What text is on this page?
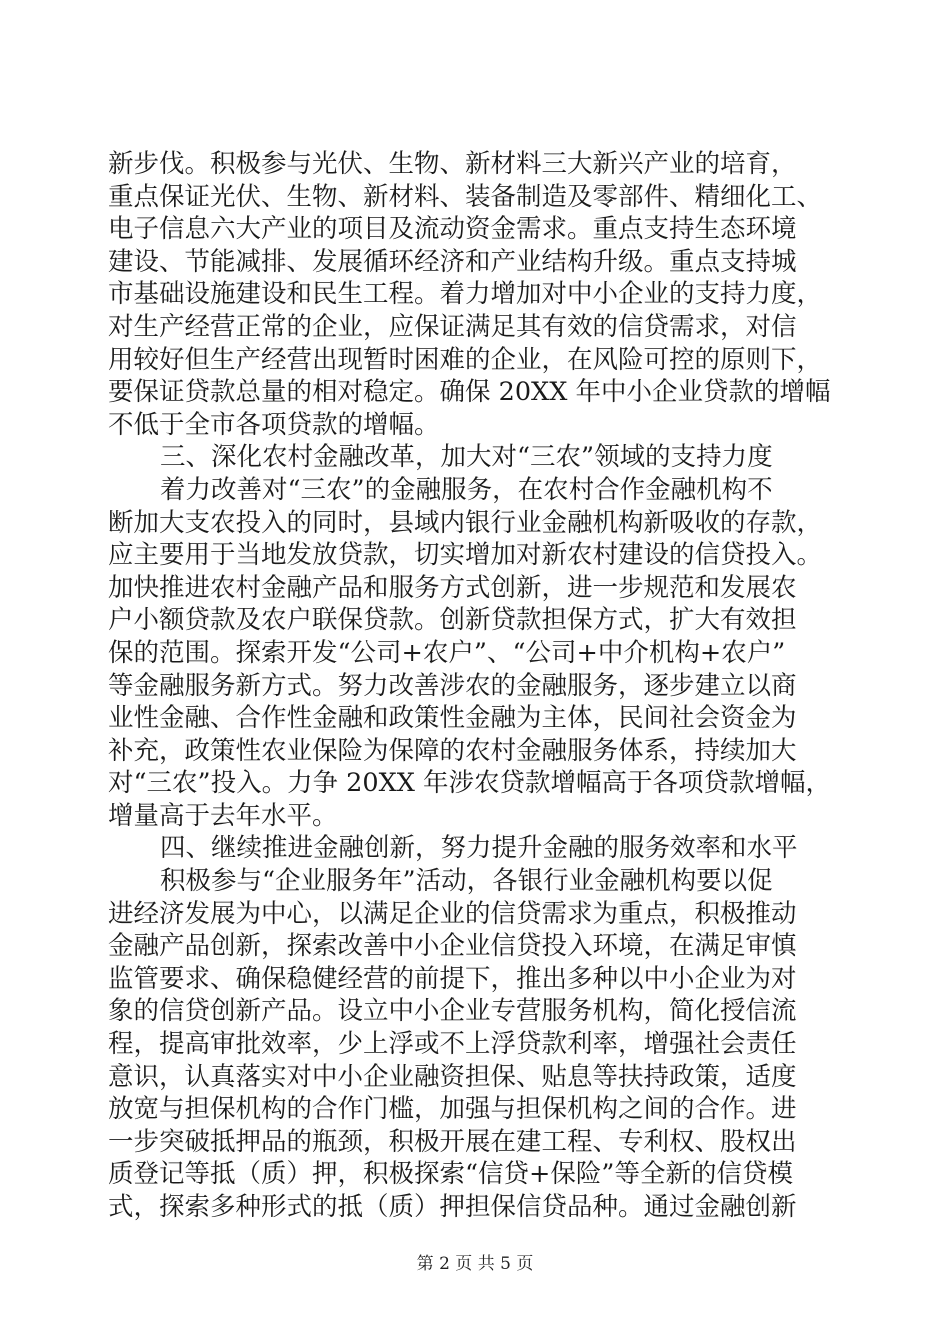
新步伐。积极参与光伏、生物、新材料三大新兴产业的培育，
重点保证光伏、生物、新材料、装备制造及零部件、精细化工、
电子信息六大产业的项目及流动资金需求。重点支持生态环境
建设、节能减排、发展循环经济和产业结构升级。重点支持城
市基础设施建设和民生工程。着力增加对中小企业的支持力度，
对生产经营正常的企业，应保证满足其有效的信贷需求，对信
用较好但生产经营出现暂时困难的企业，在风险可控的原则下，
要保证贷款总量的相对稳定。确保 20XX 年中小企业贷款的增幅
不低于全市各项贷款的增幅。
三、深化农村金融改革，加大对“三农”领域的支持力度
着力改善对“三农”的金融服务，在农村合作金融机构不
断加大支农投入的同时，县域内银行业金融机构新吸收的存款，
应主要用于当地发放贷款，切实增加对新农村建设的信贷投入。
加快推进农村金融产品和服务方式创新，进一步规范和发展农
户小额贷款及农户联保贷款。创新贷款担保方式，扩大有效担
保的范围。探索开发“公司+农户”、“公司+中介机构+农户”
等金融服务新方式。努力改善涉农的金融服务，逐步建立以商
业性金融、合作性金融和政策性金融为主体，民间社会资金为
补充，政策性农业保险为保障的农村金融服务体系，持续加大
对“三农”投入。力争 20XX 年涉农贷款增幅高于各项贷款增幅，
增量高于去年水平。
四、继续推进金融创新，努力提升金融的服务效率和水平
积极参与“企业服务年”活动，各银行业金融机构要以促
进经济发展为中心，以满足企业的信贷需求为重点，积极推动
金融产品创新，探索改善中小企业信贷投入环境，在满足审慎
监管要求、确保稳健经营的前提下，推出多种以中小企业为对
象的信贷创新产品。设立中小企业专营服务机构，简化授信流
程，提高审批效率，少上浮或不上浮贷款利率，增强社会责任
意识，认真落实对中小企业融资担保、贴息等扶持政策，适度
放宽与担保机构的合作门槛，加强与担保机构之间的合作。进
一步突破抵押品的瓶颈，积极开展在建工程、专利权、股权出
质登记等抵（质）押，积极探索“信贷+保险”等全新的信贷模
式，探索多种形式的抵（质）押担保信贷品种。通过金融创新
第 2 页 共 5 页
